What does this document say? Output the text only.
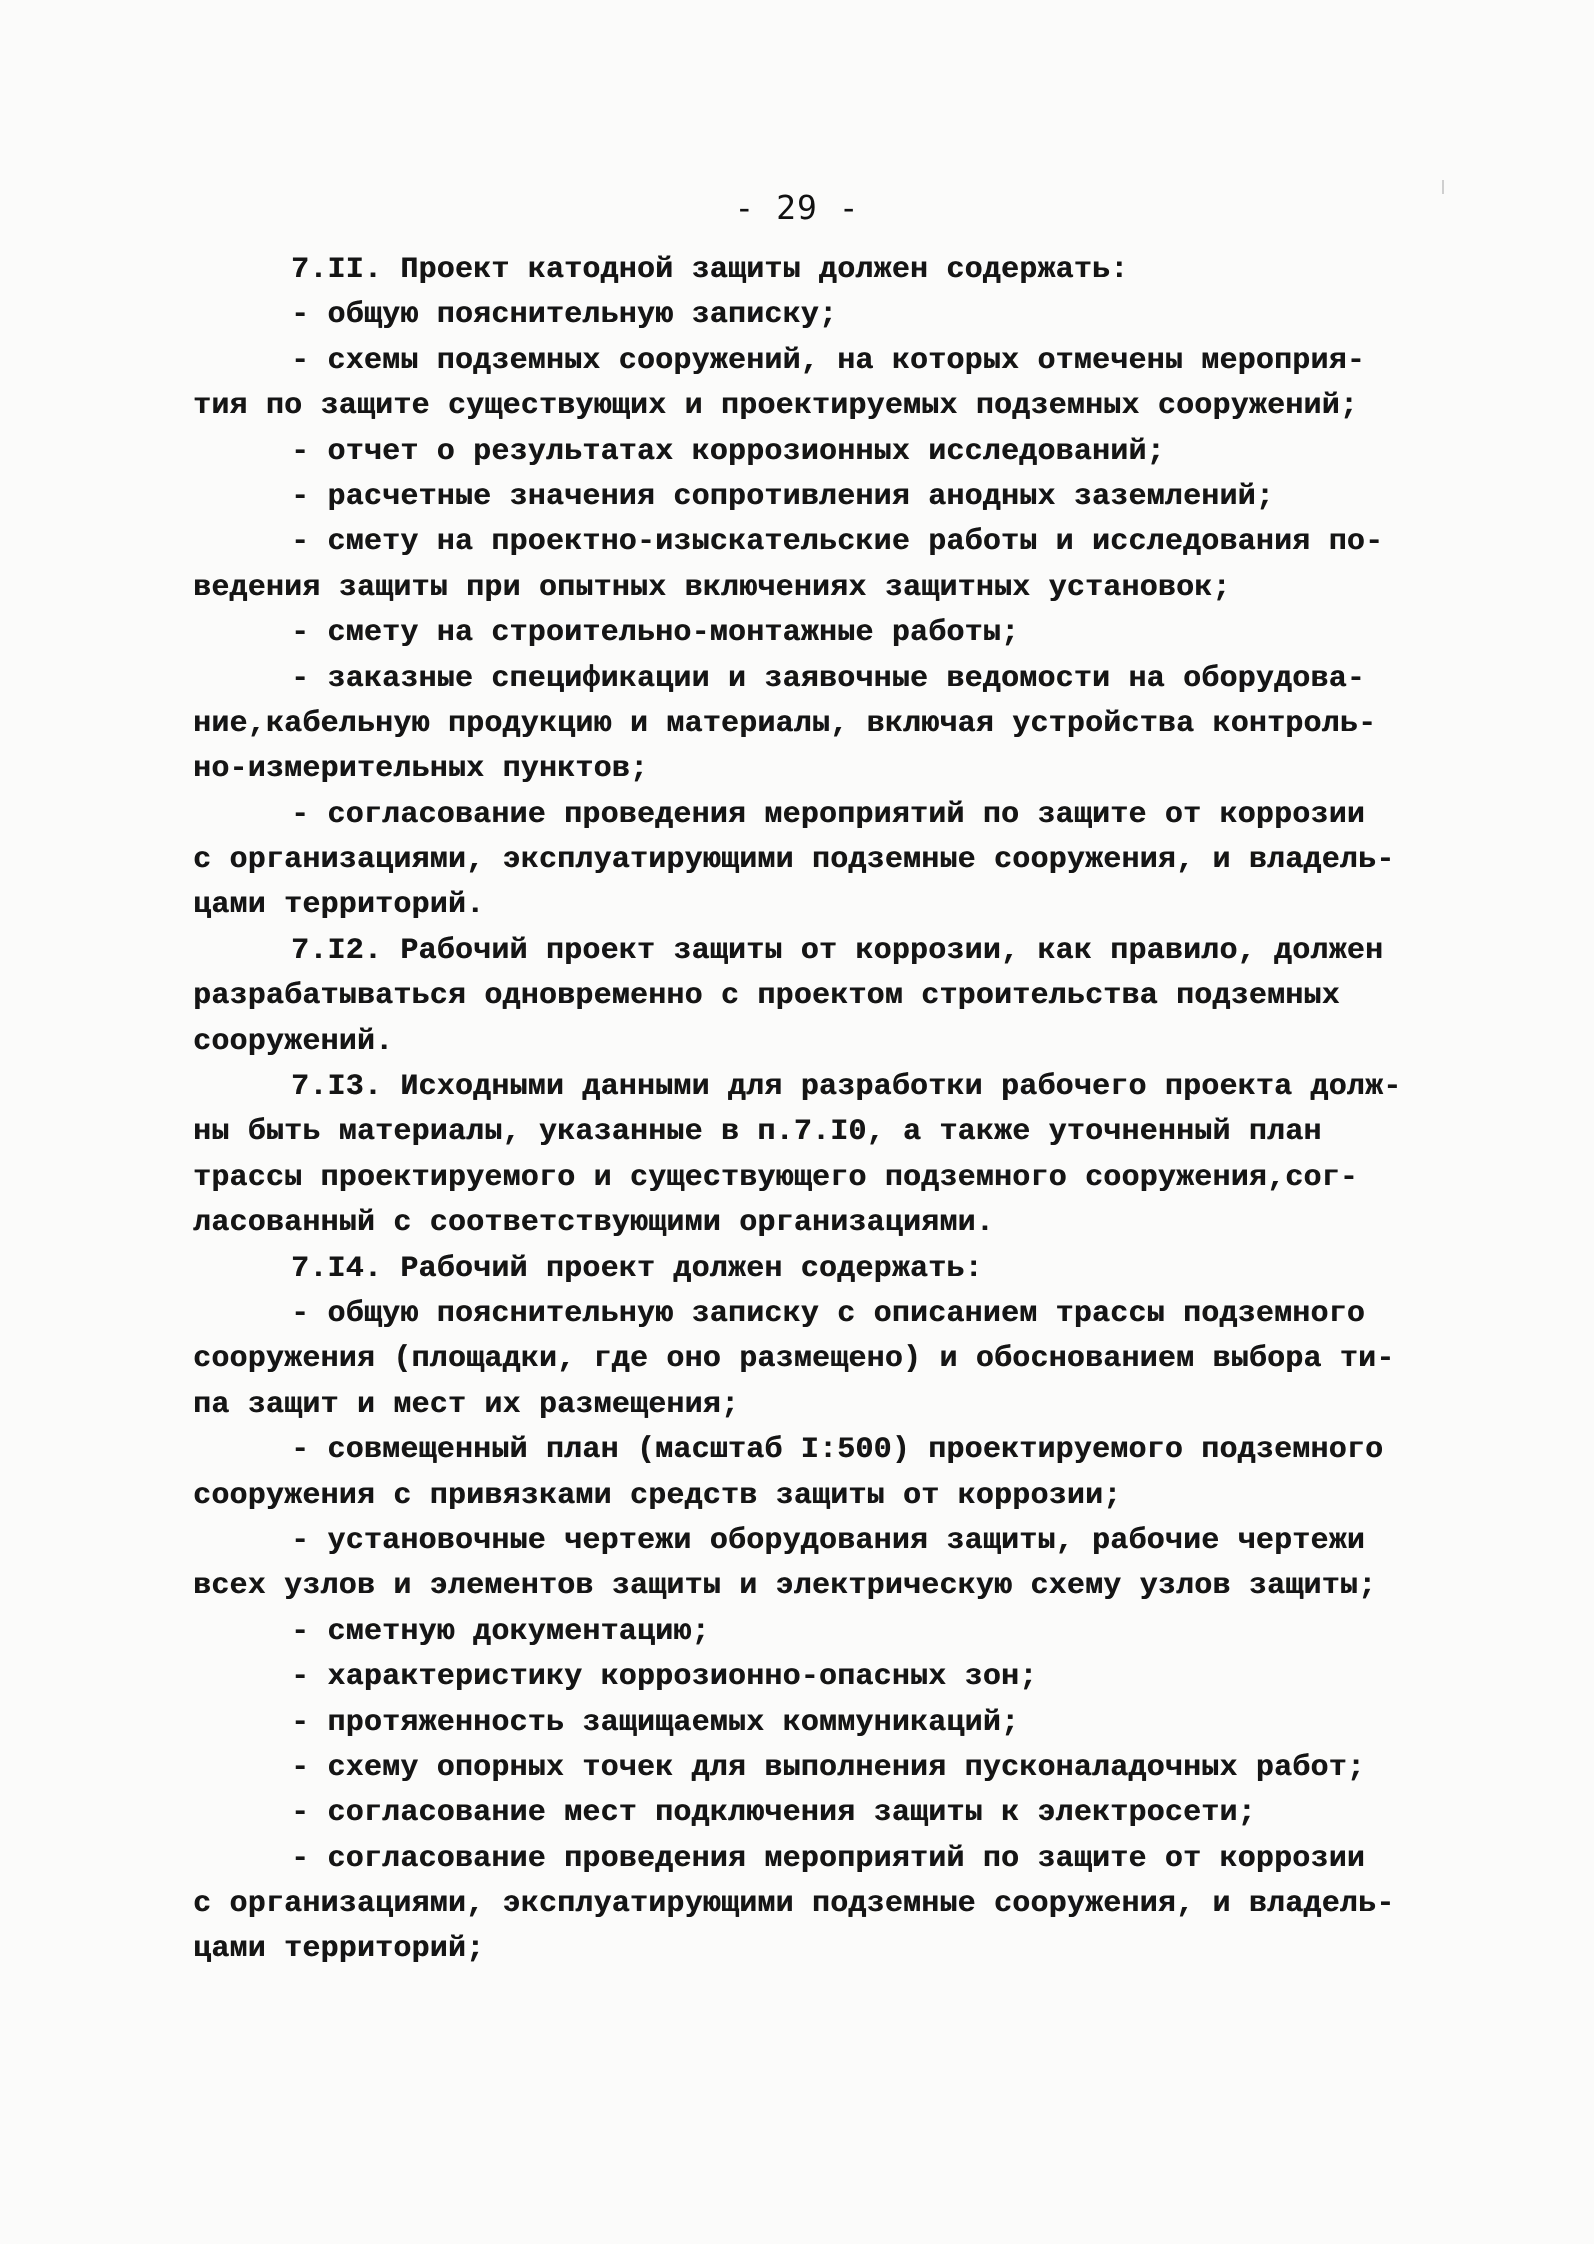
- 29 -
7.II. Проект катодной защиты должен содержать:
- общую пояснительную записку;
- схемы подземных сооружений, на которых отмечены мероприя-
тия по защите существующих и проектируемых подземных сооружений;
- отчет о результатах коррозионных исследований;
- расчетные значения сопротивления анодных заземлений;
- смету на проектно-изыскательские работы и исследования по-
ведения защиты при опытных включениях защитных установок;
- смету на строительно-монтажные работы;
- заказные спецификации и заявочные ведомости на оборудова-
ние,кабельную продукцию и материалы, включая устройства контроль-
но-измерительных пунктов;
- согласование проведения мероприятий по защите от коррозии
с организациями, эксплуатирующими подземные сооружения, и владель-
цами территорий.
7.I2. Рабочий проект защиты от коррозии, как правило, должен
разрабатываться одновременно с проектом строительства подземных
сооружений.
7.I3. Исходными данными для разработки рабочего проекта долж-
ны быть материалы, указанные в п.7.I0, а также уточненный план
трассы проектируемого и существующего подземного сооружения,сог-
ласованный с соответствующими организациями.
7.I4. Рабочий проект должен содержать:
- общую пояснительную записку с описанием трассы подземного
сооружения (площадки, где оно размещено) и обоснованием выбора ти-
па защит и мест их размещения;
- совмещенный план (масштаб I:500) проектируемого подземного
сооружения с привязками средств защиты от коррозии;
- установочные чертежи оборудования защиты, рабочие чертежи
всех узлов и элементов защиты и электрическую схему узлов защиты;
- сметную документацию;
- характеристику коррозионно-опасных зон;
- протяженность защищаемых коммуникаций;
- схему опорных точек для выполнения пусконаладочных работ;
- согласование мест подключения защиты к электросети;
- согласование проведения мероприятий по защите от коррозии
с организациями, эксплуатирующими подземные сооружения, и владель-
цами территорий;
